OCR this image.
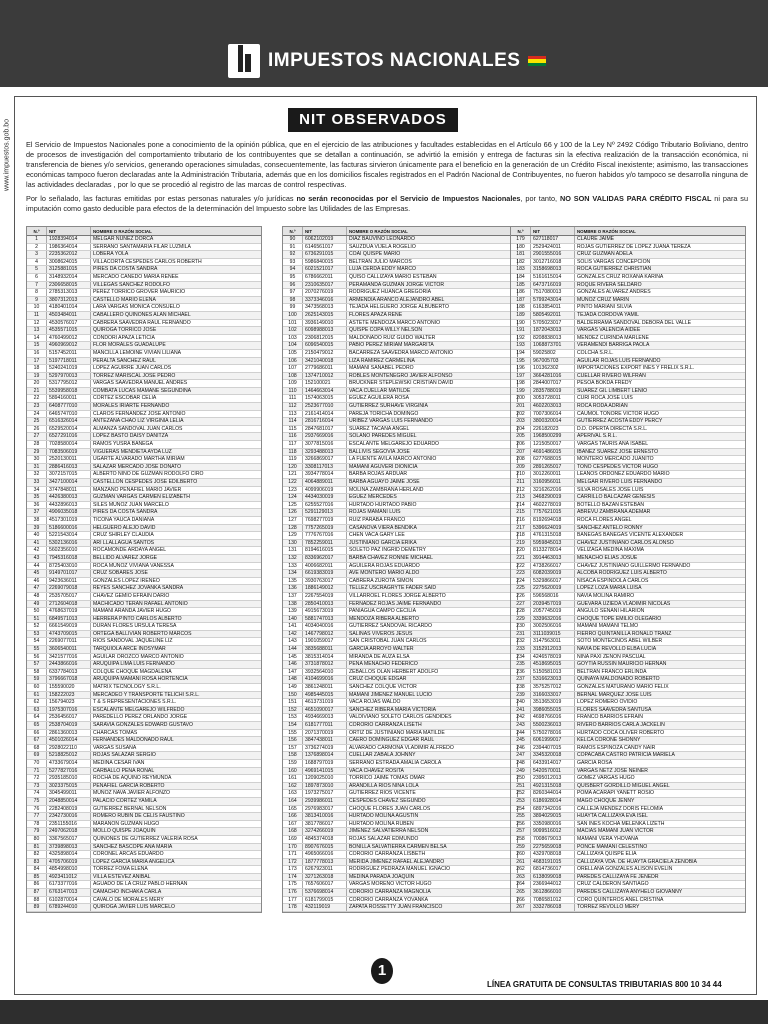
IMPUESTOS NACIONALES
www.impuestos.gob.bo	NIT OBSERVADOS

El Servicio de Impuestos Nacionales pone a conocimiento de la opinión pública, que en el ejercicio de las atribuciones y facultades establecidas en el Artículo 66 y 100 de la Ley Nº 2492 Código Tributario Boliviano, dentro de procesos de investigación del comportamiento tributario de los contribuyentes que se detallan a continuación, se advirtió la emisión y entrega de facturas sin la efectiva realización de la transacción económica, ni transferencia de bienes y/o servicios, generando operaciones simuladas, consecuentemente, las facturas sirvieron únicamente para el beneficio en la generación de un Crédito Fiscal inexistente; asimismo, las transacciones económicas tampoco fueron declaradas ante la Administración Tributaria, además que en los domicilios fiscales registrados en el Padrón Nacional de Contribuyentes, no fueron habidos y/o tampoco se desarrolla ninguna de las actividades declaradas , por lo que se procedió al registro de las marcas de control respectivas.

Por lo señalado, las facturas emitidas por estas personas naturales y/o jurídicas no serán reconocidas por el Servicio de Impuestos Nacionales, por tanto, NO SON VALIDAS PARA CRÉDITO FISCAL ni para su imputación como gasto deducible para efectos de la determinación del Impuesto sobre las Utilidades de las Empresas.

N.º	NIT	NOMBRE O RAZÓN SOCIAL
1	1928394014	MELGAR NUÑEZ DORCA
2	1986364014	SERRANO SANTAMARIA FILAR LUZMILA
3	2235362012	LOBERA YOLA
4	3008624015	VILLACORTA CESPEDES CARLOS ROBERTH
5	3125881015	PIRES DA COSTA SANDRA
6	3148932014	MERCADO CANEDO MARIA RENEE
7	2306658015	VILLEGAS SANCHEZ RODOLFO
8	2785313013	PEREZ TORRICO GROVER MAURICIO
9	3807312013	CASTELLO MARIO ELENA
10	4180401014	LARA VARGAS MONICA CONSUELO
11	4503484011	CABALLERO QUIÑONES ALAN MICHAEL
12	4530576017	CABRERA SAAVEDRA RAUL FERNANDO
13	4535571015	QUIROGA TORRICO JOSE
14	4760499012	CONDORI APAZA LETICIA
15	4960969012	FLOR MORALES GUADALUPE
16	5157452011	MANCILLA LEMOINE VIVIAN LILIANA
17	5197718011	PERALTA SANCHEZ RAUL
18	5240241019	LOPEZ AGUIRRE JUAN CARLOS
19	5297970013	TORREZ MARISCAL JOSE PEDRO
20	5317795012	VARGAS SAAVEDRA MANUEL ANDRES
21	5539958018	COMBATA LUCAS MAMANE SEGUNDINA
22	5894160011	CORTEZ ESCOBAR CELIA
23	6408777010	MORALES IRIARTE FERNANDO
24	6465747010	CLAROS FERNANDEZ JOSE ANTONIO
25	6516326014	ANTEZANA CHAO LIZ VIRGINIA LELIA
26	6529520014	ALMANZA SANDOVAL JUAN CARLOS
27	6527291016	LOPEZ BASTO DAISY DANITZA
28	7028580014	RAMOS YUSRA BANEGA
29	7083506019	VIGUERAS MENDIETA AYDA LUZ
30	2520130011	UGARTE ALVARADO MARTHA MIRIAM
31	2886416013	SALAZAR MERCADO JOSE DONATO
32	3072157015	ALBERTO NIÑO DE GUZMAN RODOLFO CIRO
33	3427100014	CASTELLON CESPEDES JOSE EDILBERTO
34	3747848011	MANZANO PENAFIEL MARIO JAVIER
35	4426380013	GUZMAN VARGAS CARMEN ELIZABETH
36	4432896013	SILES MUÑOZ JUAN MARCELO
37	4906035018	PIRES DA COSTA SANDRA
38	4517301019	TICONA YAUCA DANIANA
39	5186600016	HELGUERO ALEJO DAVID
40	5221543014	CRUZ SHIRLEY CLAUDIA
41	5302136016	ARI LLALLAGUA SANTOS
42	5602356010	ROCAMONDE ARDAYA ANGEL
43	7945316018	BELLIDO ALVAREZ JORGE
44	8725403010	ROCA MUÑOZ VIVIANA VANESSA
45	9149701017	CRUZ SOBARES JOSE
46	9423636011	GONZALES LOPEZ IRENEO
47	2269079018	REYES SANCHEZ JOVANKA SANDRA
48	2535705017	CHAVEZ GEMIO EFRAIN DARIO
49	2712604018	MACHICADO TERAN RAFAEL ANTONIO
50	4768637019	MAMANI ARANDA JAVIER HUGO
51	6849571013	HERRERA PINTO CARLOS ALBERTO
52	6661549019	DURAN FLORES URSULA TERESA
53	4743709015	ORTEGA BALLIVIAN ROBERTO MARCOS
54	2269077011	RIOS SANDOVAL JAQUELINE LIZ
55	3606540011	TARQUIOLA ARCE INOSYMAR
56	3421577016	AGUILAR OROZCO MARCO ANTONIO
57	2443866016	ARUQUIPA LIMA LUIS FERNANDO
58	6337784013	COLQUE CHOQUE MAGDALENA
59	3796667018	ARUQUIPA MAMANI ROSA HORTENCIA
60	155590020	MATRIX TECNOLOGY S.R.L.
61	158222023	MERCADEO Y TRANSPORTE TELICHI S.R.L.
62	156794023	T & S REPRESENTACIONES S.R.L.
63	1975307016	ESCALANTE MELGAREJO WILFREDO
64	2536456017	PAREDELLO PEREZ ORLANDO JORGE
65	2538704019	SARAVIA GONZALES EDWARD GUSTAVO
66	2861360013	CHARCAS TOMAS
67	4501026014	FERNANDES MALDONADO RAUL
68	2928022110	VARGAS SUSANA
69	5218825012	ROJAS SALAZAR SERGIO
70	4733679014	MEDINA CESAR IVAN
71	5277827016	CARBALLO PEÑA RONAL
72	2935185010	ROCHA DE AQUINO REYMUNDA
73	3023375015	PENAFIEL GARCIA ROBERTO
74	3045499011	MUNOZ NAVA JAVIER ALFONZO
75	2048850014	PALACIO CORTEZ YAMILA
76	2282408019	GUTIERREZ BERNAL NELSON
77	2342730016	ROMERO RUBIN DE CELIS FAUSTINO
78	2351155016	MARAÑON GUZMAN HUGO
79	2497062018	MOLLO QUISPE JOAQUIN
80	3367565017	QUIÑONES DE GUTIERREZ VALERIA ROSA
81	3739898013	SANCHEZ BASCOPE ANA MARIA
82	4325898014	CORONEL ARCAS EDUARDO
83	4705706019	LOPEZ GARCIA MARIA ANGELICA
84	4854998010	TORREZ FOMA ELENA
85	4923411012	VILLA ESTEVEZ ANIBAL
86	6173377016	AGUADO DE LA CRUZ PABLO HERNAN
87	6763147013	CAMACHO INCHAKA CARLA
88	6102870014	CAVALO DE MORALES MERY
89	6789244010	QUIROGA JAVIER LUIS MARCELO
N.º	NIT	NOMBRE O RAZÓN SOCIAL
90	6062102019	DIAZ BAUVINO LEONARDO
91	6146561017	SAUZDUA VIJELA ROGELIO
92	6736291015	COAI QUISPE MARIO
93	5986840015	BELTRAN JULIO MARCOS
94	6021521017	LUJA CERDA EDDY MARCO
95	6786662011	QUISO CALLIZAYA MARIO ESTEBAN
96	2310635017	PERAMANDA GUZMAN JORGE VICTOR
97	2070276019	RODRIGUEZ HUANCA GREGORIA
98	3373346016	ARMENDIA ARANCO ALEJANDRO ABEL
99	3473568013	TEJADA HELGUERO JORGE ALBUBERTO
100	2625143015	FLORES APAZA RENE
101	3936149010	ASTETE MENDOZA MARCO ANTONIO
102	6098988013	QUISPE COPA WILLY NELSON
103	2306812015	MALDONADO RUIZ GUIDO WALTER
104	6096540015	PABIO PEREZ MIRIAM MARGARITA
105	2150479012	BACARREZA SAAVEDRA MARCO ANTONIO
106	3421040018	LIZA RAMIREZ CARMELINA
107	2779686011	MAMANI SANABEL PEDRO
108	1374710012	ROBLES MONTENEGRO JAVIER ALFONSO
109	152100021	BRUCKNER STEPLEWSKI CRISTIAN DAVID
110	1464663014	VACA CUELLAR MATILDE
111	1574063015	EGUEZ AGUILERA ROSA
112	2523677010	GUTIERREZ SURHAVE VIRGINIA
113	2161414014	PAREJA TORICHA DOMINGO
114	2816716014	URIBEZ VARGAS LUIS FERNANDO
115	2847681017	SUAREZ TACANA ANGEL
116	2937669016	SOLANO PAREDES MIGUEL
117	3077815016	ESCALANTE MELGAREJO EDUARDO
118	3293488013	BALLIVIS SEGOVIA JOSE
119	3266869017	LA FUENTE AVILA MARCO ANTONIO
120	3308117013	MAMANI AGUVERI DIONICIA
121	3934778014	BARBA ROJAS ARDUAR
122	4064889011	BARBA AGUAYO JAIME JOSE
123	4099906019	MOLINA ZAMBRANA HERLAND
124	4434030019	EGUEZ MERCEDES
125	6255527016	HURTADO HURTADO PABIO
126	5291129013	ROJAS MAMANI LUIS
127	7698277019	RUIZ PARABA FRANCO
128	7757265019	CASANOVA VIERA BENDIKA
129	7776767016	CHEN VACA GARY LEE
130	7852259011	JUSTINIANO GARCIA ERIKA
131	8194616015	SOLETO PAZ INGRID DEMETRY
132	8336962017	BARBA CHAVEZ RONNIE MICHAEL
133	4006682011	AGUILERA ROJAS EDUARDO
134	6619383019	AVE MONTERO MARIO ALDO
135	3930763017	CABRERA ZUROTA SIMON
136	1886149012	TELLEZ USCRAGRYTE FADER SAID
137	2267554019	VILLARROEL FLORES JORGE ALBERTO
138	2850410013	FERNADEZ ROJAS JAIME FERNANDO
139	4915673019	PANIAGUA CAMPO CECILIA
140	5881747013	MENDOZA RIBERA ALBERTO
141	4034040016	GUTIERREZ SANDOVAL RICARDO
142	1467798012	SALINAS VIVEROS JESUS
143	1901059017	SAN CRISTOBAL JUAN CARLOS
144	3835688011	GARCIA ARROYO WALTER
145	3815314014	MIRANDA DE AUZA ELSA
146	3731878012	PEÑA MENACHO FEDERICO
147	3932564010	ZEBALLOS OLAN HERBERT ADOLFO
148	4104699016	CRUZ CHOQUE EDGAR
149	3861248011	SANCHEZ COLQUE VICTOR
150	4985445015	MAMANI JIMENEZ MANUEL LUCIO
151	4613731019	VACA ROJAS WALDO
152	4651090017	SANCHEZ RIBERA MARIA VICTORIA
153	4934669013	VALDIVIANO SOLETO CARLOS GENDIDES
154	6181777011	CORORIO CARRANZA LISETH
155	2071370019	ORTIZ DE JUSTINIANO MARIA MATILDE
156	3847438011	CAERO DOMINGUEZ EDGAR RAUL
157	3736274019	ALVARADO CARMONA VLADIMIR ALFREDO
158	1376898014	CUELLAR ZABALA JOHNNY
159	1688797019	SERRANO ESTRADA AMALIA CAROLA
160	4969141015	VACA CHAVEZ ROSITA
161	1209025010	TORRICO JAIME TOMAS OMAR
162	1897873010	ARANDILLA RIOS NINA LOLA
163	1973275017	GUTIERREZ RIOS VICENTE
164	2939986011	CESPEDES CHAVEZ SEGUNDO
165	2976983017	CHOQUE FLORES JUAN CARLOS
166	3813410016	HURTADO MOLINA AGUSTIN
167	3817786017	HURTADO MOLINA RUBEN
168	3274266019	JIMENEZ SALVATIERRA NELSON
169	4845374018	ROJAS SALAZAR EDMUNDO
170	8907676015	BONILLA SALVATIERRA CARMEN BELSA
171	4965066016	CORORIO CARRANZA LISBETH
172	1877778013	MERIDA JIMENEZ RAFAEL ALEJANDRO
173	6267923011	RODRIGUEZ PEDRAZA MANUEL IGNACIO
174	3271263018	MEDINA PARADA JOAQUIN
175	7657606017	VARGAS MORENO VICTOR HUGO
176	5376698014	CORORIO CARRANZA MAGNOLIA
177	6181799015	CORORIO CARRANZA YOVANKA
178	432119019	ZAPATA ROSSETTY JUAN FRANCISCO
N.º	NIT	NOMBRE O RAZÓN SOCIAL
179	627118017	CLAURE JAIME
180	2529424011	ROJAS GUTIERREZ DE LOPEZ JUANA TEREZA
181	2901555016	CRUZ GUZMAN ADELA
182	3012716018	SOLIS VARGAS CONCEPCION
183	3158698013	ROCA GUTIERREZ CHRISTIAN
184	5161615014	GONZALES CRUZ ROXANA KARINA
185	6473716019	ROQUE RIVERA SELDARO
186	7517080013	GONZALES ALVAREZ ANDRES
187	5799243014	MUNOZ CRUZ MARIN
188	6163854011	PINTO MARIANI SILVIA
189	5805492011	TEJADA CORDOVA YAMIL
190	5705023017	BALDERRAMA SANDOVAL DEBORA DEL VALLE
191	1872043013	VARGAS VALENCIA AIDEE
192	8208838013	MENDEZ CURINDA MARLENE
193	1068873701	VERAMENDI BARRIGA PAOLA
194	59025802	COLCHA S.R.L.
195	967005703	AGUILAR ROJAS LUIS FERNANDO
196	101362302	IMPORTACIONES EXPORT INES Y FRELIX S.R.L.
197	3664281016	CUELLAR RIVERO WILFRAN
198	2844007017	PESOA BOKDA FREDY
199	2835788019	SUAREZ GIL LIMBERT LENIO
200	3053728011	CURI ROCA JOSE LUIS
201	4602203013	ROCA RODA ADRIAN
202	7007306014	CAUMOL TONORE VICTOR HUGO
203	3800320014	GUTIERREZ ACOSTA EDDY PERCY
204	226182023	D.D. OPERTA DIRECTA S.R.L.
205	1968500299	APERIVAL S.R.L.
206	1215050017	VARGAS TAURIS ANA ISABEL
207	4691486015	IBAÑEZ SUAREZ JOSE ERNESTO
208	6277688015	MONTERO MERCADO JUANITO
209	2891265017	TONO CESPEDES VICTOR HUGO
210	3012260011	LEAÑOS ORDOÑEZ EDUARDO MARIO
211	3160956011	MELGAR RIVERO LUIS FERNANDO
212	3216262016	SILVA ROSALES JOSE LUIS
213	3468290019	CARRILLO BALCAZAR GENESIS
214	4602278019	BOTELLO BAZAN ESTEBAN
215	7757621015	ABREVU ZAMBRANA ADEMAR
216	8192694018	ROCA FLORES ANGEL
217	5396624019	SANCHEZ ANTELO RONNY
218	4761315018	BANEGAS BANEGAS VICENTE ALEXANDER
219	5959845013	CHAVEZ JUSTINIANO CARLOS ALONSO
220	8133278014	VELIZAGA MEDINA MAXIMA
221	3914463013	MENACHO ELIAS JOSUE
222	4738266017	CHAVEZ JUSTINIANO GUILLERMO FERNANDO
223	6082039019	ALCOBA RODRIGUEZ LUIS ALBERTO
224	5329866017	NISACA ESPINDOLA CARLOS
225	2275620019	LOPEZ LOZA MARIA LUISA
226	596568016	NAVIA MOLINA RAMIRO
227	2039457019	GUEVARA UZIEDA VLADIMIR NICOLAS
228	2057745019	ANGULO SENANI HILARION
229	3339632016	CHOQUE TOPE EMILIO OLEGARIO
230	3002506016	MAMANI MAMANI TELMO
231	3111039015	FIERRO QUINTANILLA RONALD TRANZ
232	3147563011	SOTO MONTECINOS ABEL WILBER
233	3152912013	NAVIA DE REVOLLO ELBA LUCIA
234	4246578019	NINA PAXI ZENON PASCUAL
235	4518695015	GOYTIA RUSSIN MAURICIO HERNAN
236	5150581013	BELTRAN FRANCO ERLINDA
237	5316623013	QUINAYA MALDONADO ROBERTO
238	3575257012	GONZALES MATURANO MARIO FELIX
239	3166033017	BERNAL MARQUEZ JOSE LUIS
240	3513653019	LOPEZ ROMERO OVIDIO
241	3986055015	FLORES SAAVEDRA SANTUSA
242	4698766016	FRANCO BARRIOS EFRAIN
243	5500236013	RIVERO BARRIOS CARLA JACKELIN
244	5750278016	HURTADO COCA OLIVER ROBERTO
245	6061999017	KELCA CORONE SHONNY
246	2394407015	RAMOS ESPINOZA CANDY NAIR
247	3345320018	COPACABA CASTRO PATRICIA MARIELA
248	6433914017	GARCIA ROSA
249	5420570011	VARGAS NETZ JOSE NEINER
250	2395012013	GOMEZ VARGAS HUGO
251	4921315018	QUISBERT GORDILLO MIGUEL ANGEL
252	8260344014	POMA ACARAPI YANETT ROSIO
253	6186928014	MAGO CHOQUE JENNY
254	6897342016	CALLEJA MENDEZ DORIS FELOMIA
255	3894029015	HUAYTA CALLIZAYA EVA ISEL
256	3350980016	SAN INES KOCHA MELENKA LIZETH
257	9099516012	MACIAS MAMANI JUAN VICTOR
258	7008679013	MAMANI VERA YHOVANA
259	2275659018	PONCE MAMANI CELESTINO
260	4329708018	CALLIZAYA QUISPE ELIA
261	4683191015	CALLIZAYA VDA. DE HUAYTA GRACIELA ZENOBIA
262	6814736017	ORELLANA GONZALES ALISON EVELIN
263	6138099018	PAREDES CALLIZAYA FE JENEDR
264	2366944012	CRUZ CALDERON SANTIAGO
265	3612866010	PAREDES CALLIZAYA ANYHELO GIOVANNY
266	7086581012	CORO QUINTEROS ANEL CRISTINA
267	3332786018	TORREZ REVOLLO MERY
1
LÍNEA GRATUITA DE CONSULTAS TRIBUTARIAS 800 10 34 44
